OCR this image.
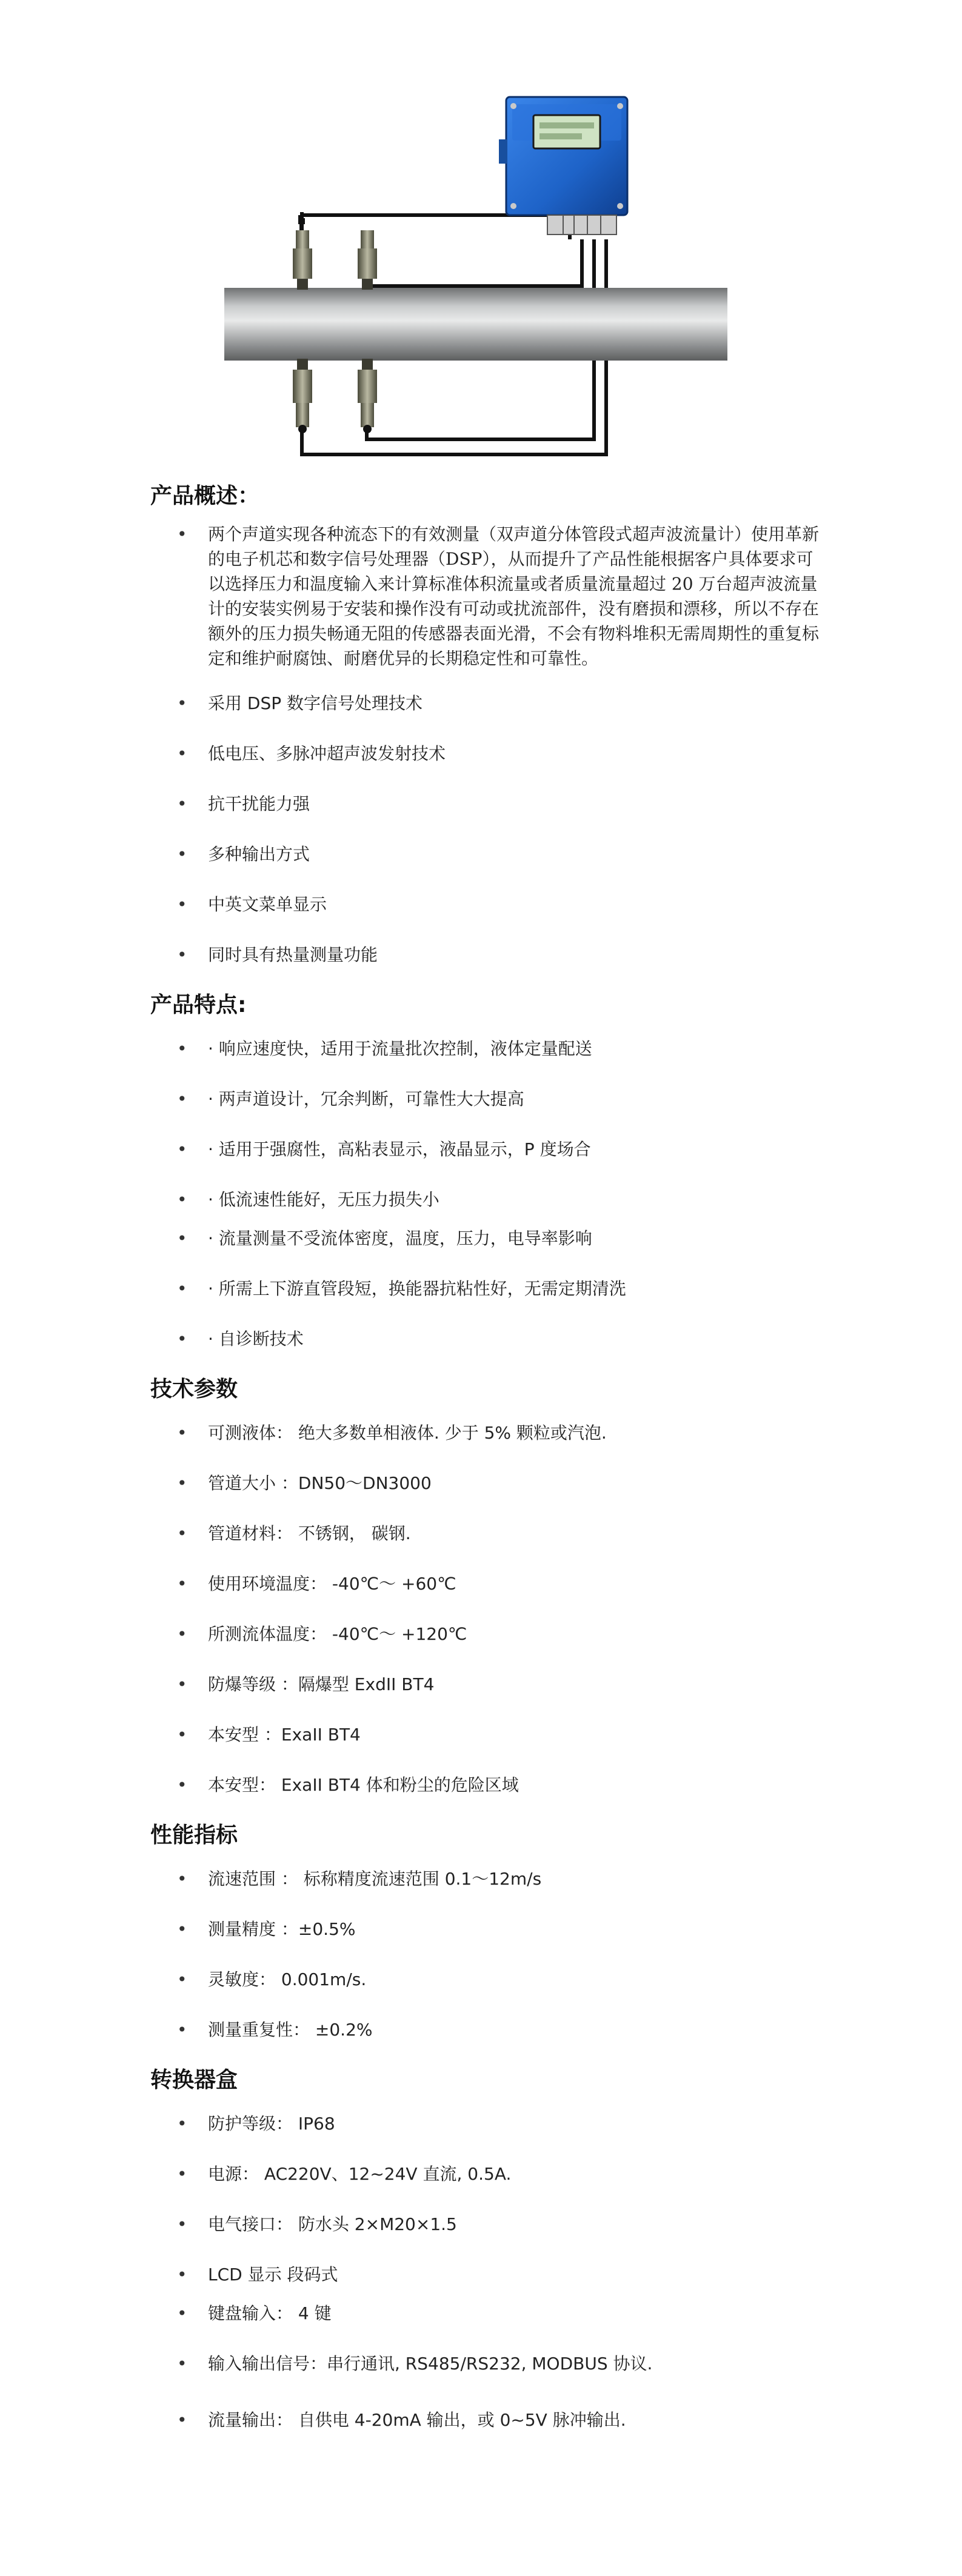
产品概述：
• 两个声道实现各种流态下的有效测量（双声道分体管段式超声波流量计）使用革新的电子机芯和数字信号处理器（DSP），从而提升了产品性能根据客户具体要求可以选择压力和温度输入来计算标准体积流量或者质量流量超过 20 万台超声波流量计的安装实例易于安装和操作没有可动或扰流部件，没有磨损和漂移，所以不存在额外的压力损失畅通无阻的传感器表面光滑，不会有物料堆积无需周期性的重复标定和维护耐腐蚀、耐磨优异的长期稳定性和可靠性。
• 采用 DSP 数字信号处理技术
• 低电压、多脉冲超声波发射技术
• 抗干扰能力强
• 多种输出方式
• 中英文菜单显示
• 同时具有热量测量功能
产品特点:
• · 响应速度快，适用于流量批次控制，液体定量配送
• · 两声道设计，冗余判断，可靠性大大提高
• · 适用于强腐性，高粘表显示，液晶显示，P 度场合
• · 低流速性能好，无压力损失小
• · 流量测量不受流体密度，温度，压力，电导率影响
• · 所需上下游直管段短，换能器抗粘性好，无需定期清洗
• · 自诊断技术
技术参数
• 可测液体： 绝大多数单相液体. 少于 5% 颗粒或汽泡.
• 管道大小 ：DN50～DN3000
• 管道材料： 不锈钢， 碳钢.
• 使用环境温度： -40℃～ +60℃
• 所测流体温度： -40℃～ +120℃
• 防爆等级 ：隔爆型 ExdII BT4
• 本安型 ：ExaII BT4
• 本安型： ExaII BT4 体和粉尘的危险区域
性能指标
• 流速范围 ： 标称精度流速范围 0.1～12m/s
• 测量精度 ：±0.5%
• 灵敏度： 0.001m/s.
• 测量重复性： ±0.2%
转换器盒
• 防护等级： IP68
• 电源： AC220V、12~24V 直流, 0.5A.
• 电气接口： 防水头 2×M20×1.5
• LCD 显示 段码式
• 键盘输入： 4 键
• 输入输出信号：串行通讯, RS485/RS232, MODBUS 协议.
• 流量输出： 自供电 4-20mA 输出，或 0~5V 脉冲输出.
